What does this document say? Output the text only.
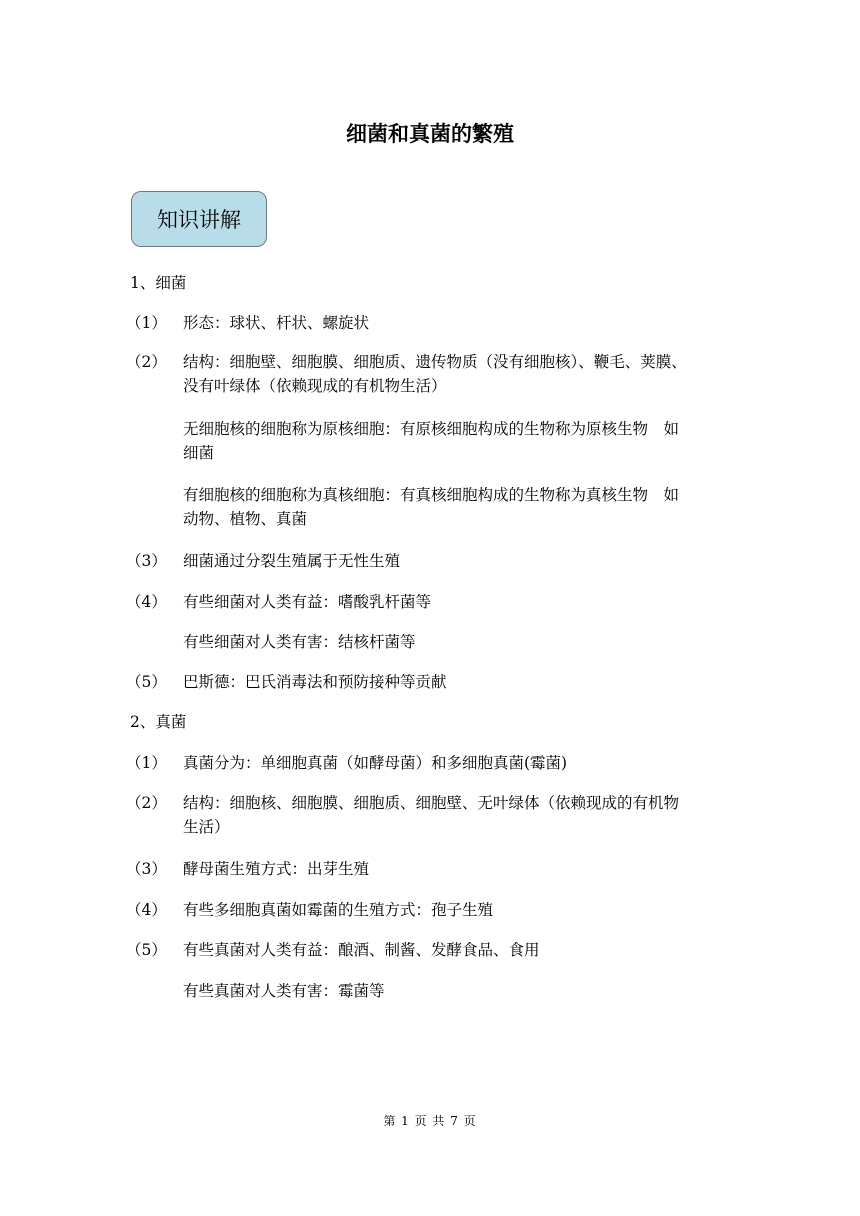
细菌和真菌的繁殖
知识讲解
1、细菌
（1） 形态：球状、杆状、螺旋状
（2） 结构：细胞壁、细胞膜、细胞质、遗传物质（没有细胞核）、鞭毛、荚膜、
没有叶绿体（依赖现成的有机物生活）
无细胞核的细胞称为原核细胞：有原核细胞构成的生物称为原核生物　如
细菌
有细胞核的细胞称为真核细胞：有真核细胞构成的生物称为真核生物　如
动物、植物、真菌
（3） 细菌通过分裂生殖属于无性生殖
（4） 有些细菌对人类有益：嗜酸乳杆菌等
有些细菌对人类有害：结核杆菌等
（5） 巴斯德：巴氏消毒法和预防接种等贡献
2、真菌
（1） 真菌分为：单细胞真菌（如酵母菌）和多细胞真菌(霉菌)
（2） 结构：细胞核、细胞膜、细胞质、细胞壁、无叶绿体（依赖现成的有机物
生活）
（3） 酵母菌生殖方式：出芽生殖
（4） 有些多细胞真菌如霉菌的生殖方式：孢子生殖
（5） 有些真菌对人类有益：酿酒、制酱、发酵食品、食用
有些真菌对人类有害：霉菌等
第 1 页 共 7 页
